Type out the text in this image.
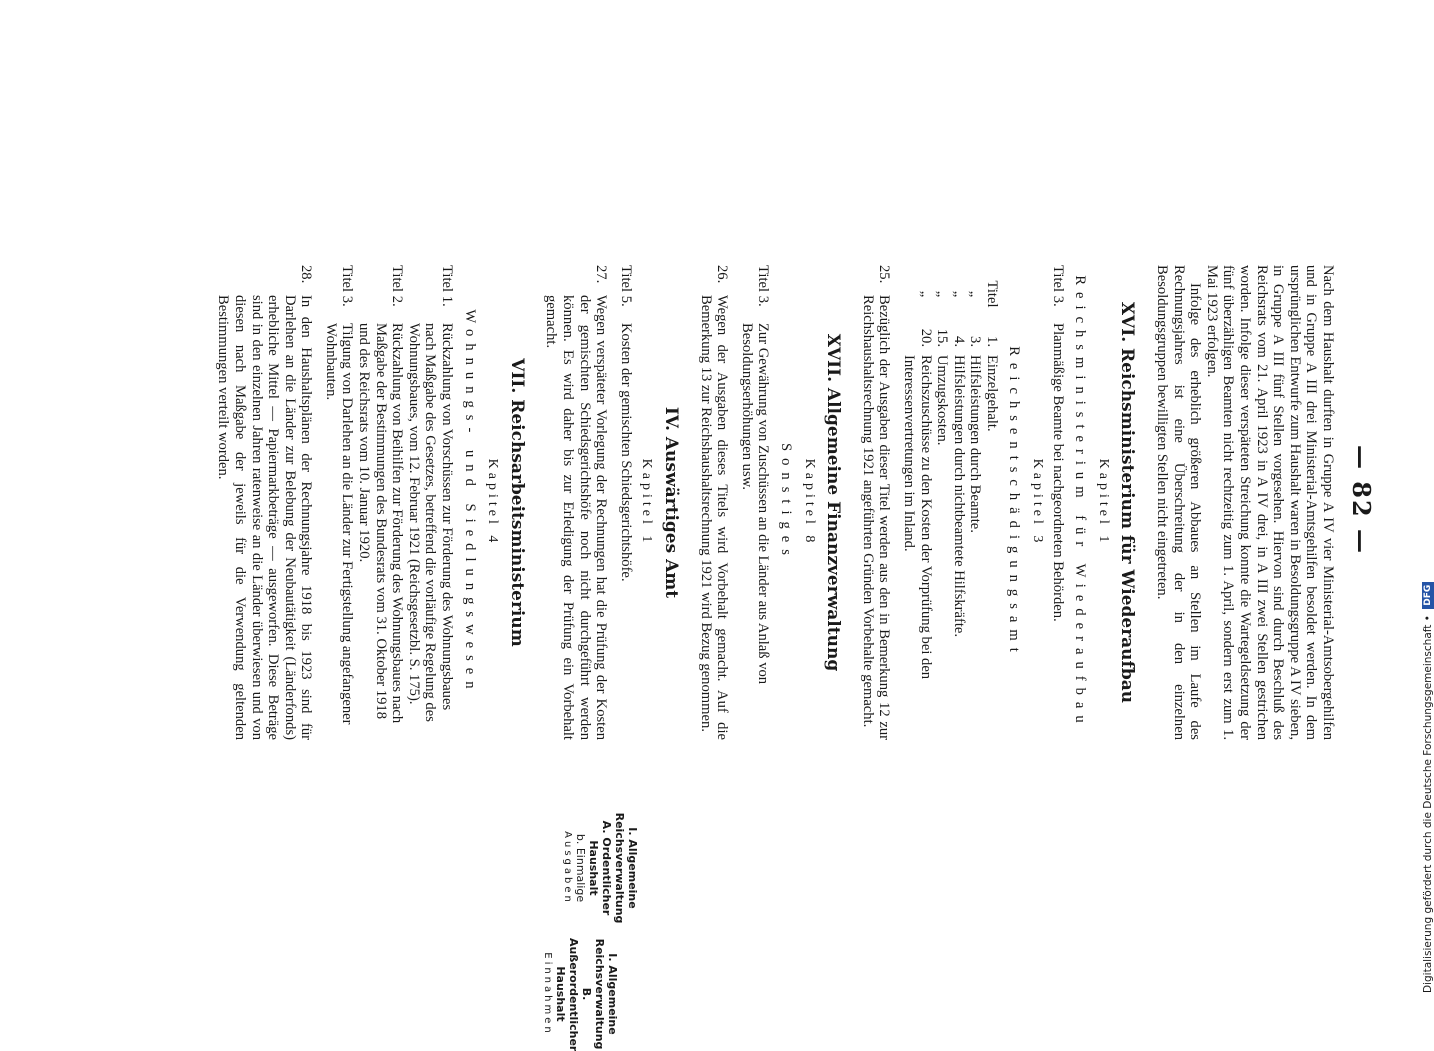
— 82 —

Nach dem Haushalt durften in Gruppe A IV vier Ministerial-Amtsobergehilfen und in Gruppe A III drei Ministerial-Amtsgehilfen besoldet werden. In dem ursprünglichen Entwurfe zum Haushalt waren in Besoldungsgruppe A IV sieben, in Gruppe A III fünf Stellen vorgesehen. Hiervon sind durch Beschluß des Reichsrats vom 21. April 1923 in A IV drei, in A III zwei Stellen gestrichen worden. Infolge dieser verspäteten Streichung konnte die Wartegeldsetzung der fünf überzähligen Beamten nicht rechtzeitig zum 1. April, sondern erst zum 1. Mai 1923 erfolgen.

Infolge des erheblich größeren Abbaues an Stellen im Laufe des Rechnungsjahres ist eine Überschreitung der in den einzelnen Besoldungsgruppen bewilligten Stellen nicht eingetreten.

XVI. Reichsministerium für Wiederaufbau
Kapitel 1
Reichsministerium für Wiederaufbau
Titel 3.
Planmäßige Beamte bei nachgeordneten Behörden.
Kapitel 3
Reichsentschädigungsamt
Titel
1.
Einzelgehalt.
„
3.
Hilfsleistungen durch Beamte.
„
4.
Hilfsleistungen durch nichtbeamtete Hilfskräfte.
„
15.
Umzugskosten.
„
20.
Reichszuschüsse zu den Kosten der Vorprüfung bei den Interessenvertretungen im Inland.
25.
Bezüglich der Ausgaben dieser Titel werden aus den in Bemerkung 12 zur Reichshaushaltsrechnung 1921 angeführten Gründen Vorbehalte gemacht.
XVII. Allgemeine Finanzverwaltung
Kapitel 8
Sonstiges
Titel 3.
Zur Gewährung von Zuschüssen an die Länder aus Anlaß von Besoldungserhöhungen usw.
26.
Wegen der Ausgaben dieses Titels wird Vorbehalt gemacht. Auf die Bemerkung 13 zur Reichshaushaltsrechnung 1921 wird Bezug genommen.
IV. Auswärtiges Amt
Kapitel 1
Titel 5.
Kosten der gemischten Schiedsgerichtshöfe.
27.
Wegen verspäteter Vorlegung der Rechnungen hat die Prüfung der Kosten der gemischten Schiedsgerichtshöfe noch nicht durchgeführt werden können. Es wird daher bis zur Erledigung der Prüfung ein Vorbehalt gemacht.
VII. Reichsarbeitsministerium
Kapitel 4
Wohnungs- und Siedlungswesen
Titel 1.
Rückzahlung von Vorschüssen zur Förderung des Wohnungsbaues nach Maßgabe des Gesetzes, betreffend die vorläufige Regelung des Wohnungsbaues, vom 12. Februar 1921 (Reichsgesetzbl. S. 175).
Titel 2.
Rückzahlung von Beihilfen zur Förderung des Wohnungsbaues nach Maßgabe der Bestimmungen des Bundesrats vom 31. Oktober 1918 und des Reichsrats vom 10. Januar 1920.
Titel 3.
Tilgung von Darlehen an die Länder zur Fertigstellung angefangener Wohnbauten.
28.
In den Haushaltsplänen der Rechnungsjahre 1918 bis 1923 sind für Darlehen an die Länder zur Belebung der Neubautätigkeit (Länderfonds) erhebliche Mittel — Papiermarkbeträge — ausgeworfen. Diese Beträge sind in den einzelnen Jahren ratenweise an die Länder überwiesen und von diesen nach Maßgabe der jeweils für die Verwendung geltenden Bestimmungen verteilt worden.
I. Allgemeine
Reichsverwaltung
A. Ordentlicher Haushalt
b. Einmalige
Ausgaben
I. Allgemeine
Reichsverwaltung
B. Außerordentlicher
Haushalt
Einnahmen
Digitalisierung gefördert durch die Deutsche Forschungsgemeinschaft • DFG
